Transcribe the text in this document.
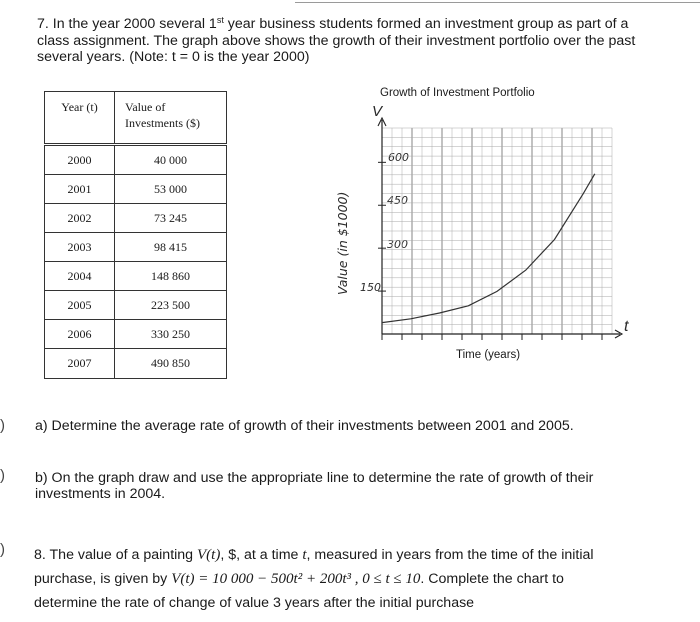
)
)
)
7. In the year 2000 several 1st year business students formed an investment group as part of a
class assignment. The graph above shows the growth of their investment portfolio over the past
several years. (Note: t = 0 is the year 2000)
Year (t)	Value of
Investments ($)
2000	40 000
2001	53 000
2002	73 245
2003	98 415
2004	148 860
2005	223 500
2006	330 250
2007	490 850
Growth of Investment Portfolio
V
Value (in $1000)
600
450
300
150
t
Time (years)
a) Determine the average rate of growth of their investments between 2001 and 2005.
b) On the graph draw and use the appropriate line to determine the rate of growth of their
investments in 2004.
8. The value of a painting V(t), $, at a time t, measured in years from the time of the initial
purchase, is given by V(t) = 10 000 − 500t² + 200t³ , 0 ≤ t ≤ 10. Complete the chart to
determine the rate of change of value 3 years after the initial purchase
